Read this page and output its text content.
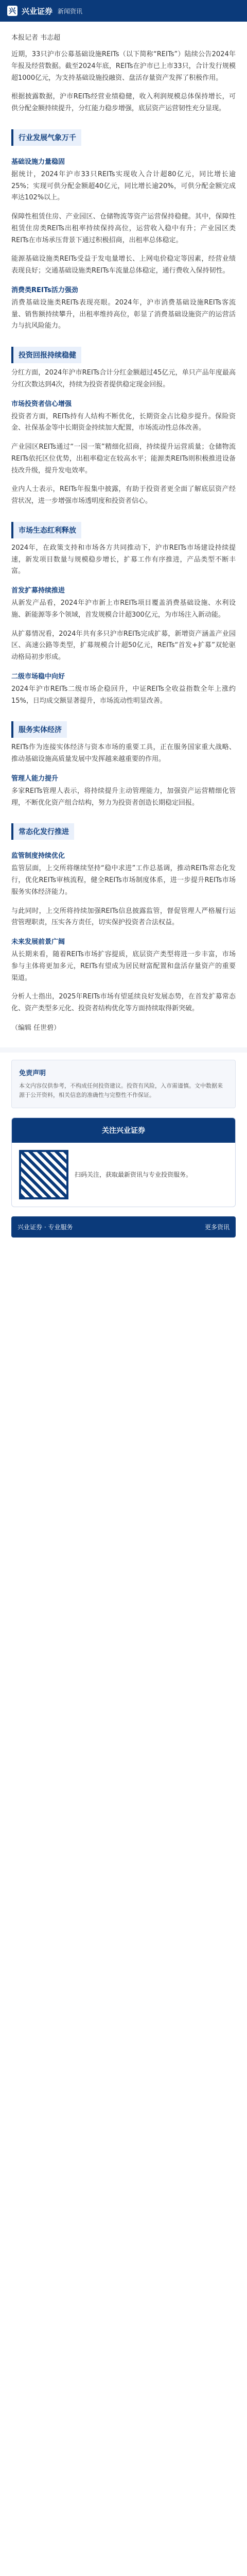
兴 兴业证券 新闻资讯
本报记者 韦志超

近期，33只沪市公募基础设施REITs（以下简称“REITs”）陆续公告2024年年报及经营数据。截至2024年底，REITs在沪市已上市33只，合计发行规模超1000亿元，为支持基础设施投融资、盘活存量资产发挥了积极作用。

根据披露数据，沪市REITs经营业绩稳健，收入利润规模总体保持增长，可供分配金额持续提升，分红能力稳步增强，底层资产运营韧性充分显现。

行业发展气象万千
基础设施力量稳固

据统计，2024年沪市33只REITs实现收入合计超80亿元，同比增长逾25%；实现可供分配金额超40亿元，同比增长逾20%，可供分配金额完成率达102%以上。

保障性租赁住房、产业园区、仓储物流等资产运营保持稳健。其中，保障性租赁住房类REITs出租率持续保持高位，运营收入稳中有升；产业园区类REITs在市场承压背景下通过积极招商，出租率总体稳定。

能源基础设施类REITs受益于发电量增长、上网电价稳定等因素，经营业绩表现良好；交通基础设施类REITs车流量总体稳定，通行费收入保持韧性。

消费类REITs活力强劲

消费基础设施类REITs表现亮眼。2024年，沪市消费基础设施REITs客流量、销售额持续攀升，出租率维持高位，彰显了消费基础设施资产的运营活力与抗风险能力。

投资回报持续稳健

分红方面，2024年沪市REITs合计分红金额超过45亿元，单只产品年度最高分红次数达到4次，持续为投资者提供稳定现金回报。

市场投资者信心增强

投资者方面，REITs持有人结构不断优化，长期资金占比稳步提升。保险资金、社保基金等中长期资金持续加大配置，市场流动性总体改善。

产业园区REITs通过“一园一策”精细化招商，持续提升运营质量；仓储物流REITs依托区位优势，出租率稳定在较高水平；能源类REITs则积极推进设备技改升级，提升发电效率。

业内人士表示，REITs年报集中披露，有助于投资者更全面了解底层资产经营状况，进一步增强市场透明度和投资者信心。

市场生态红利释放

2024年，在政策支持和市场各方共同推动下，沪市REITs市场建设持续提速，新发项目数量与规模稳步增长，扩募工作有序推进，产品类型不断丰富。

首发扩募持续推进

从新发产品看，2024年沪市新上市REITs项目覆盖消费基础设施、水利设施、新能源等多个领域，首发规模合计超300亿元，为市场注入新动能。

从扩募情况看，2024年共有多只沪市REITs完成扩募，新增资产涵盖产业园区、高速公路等类型，扩募规模合计超50亿元，REITs“首发+扩募”双轮驱动格局初步形成。

二级市场稳中向好

2024年沪市REITs二级市场企稳回升，中证REITs全收益指数全年上涨约15%，日均成交额显著提升，市场流动性明显改善。

服务实体经济

REITs作为连接实体经济与资本市场的重要工具，正在服务国家重大战略、推动基础设施高质量发展中发挥越来越重要的作用。

管理人能力提升

多家REITs管理人表示，将持续提升主动管理能力，加强资产运营精细化管理，不断优化资产组合结构，努力为投资者创造长期稳定回报。

常态化发行推进
监管制度持续优化

监管层面，上交所将继续坚持“稳中求进”工作总基调，推动REITs常态化发行，优化REITs审核流程，健全REITs市场制度体系，进一步提升REITs市场服务实体经济能力。

与此同时，上交所将持续加强REITs信息披露监管，督促管理人严格履行运营管理职责，压实各方责任，切实保护投资者合法权益。

未来发展前景广阔

从长期来看，随着REITs市场扩容提质，底层资产类型将进一步丰富，市场参与主体将更加多元，REITs有望成为居民财富配置和盘活存量资产的重要渠道。

分析人士指出，2025年REITs市场有望延续良好发展态势，在首发扩募常态化、资产类型多元化、投资者结构优化等方面持续取得新突破。

（编辑 任世碧）
免责声明
本文内容仅供参考，不构成任何投资建议。投资有风险，入市需谨慎。文中数据来源于公开资料，相关信息的准确性与完整性不作保证。
关注兴业证券
扫码关注，获取最新资讯与专业投资服务。
兴业证券 · 专业服务	更多资讯
